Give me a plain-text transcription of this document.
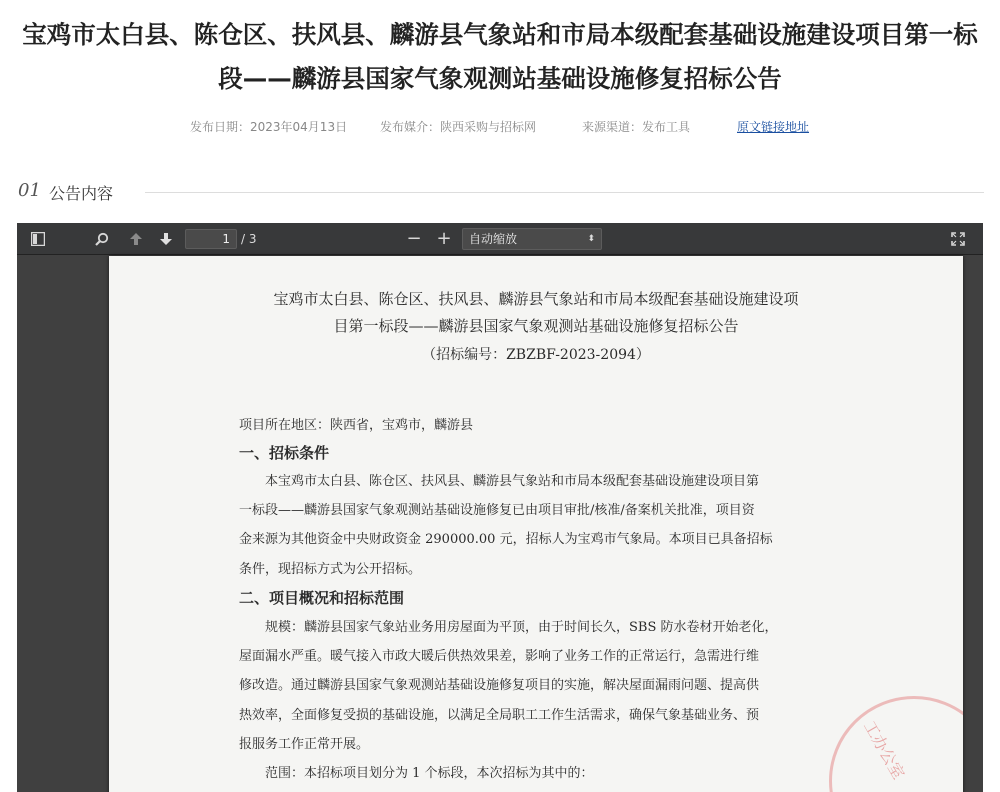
宝鸡市太白县、陈仓区、扶风县、麟游县气象站和市局本级配套基础设施建设项目第一标
段——麟游县国家气象观测站基础设施修复招标公告
发布日期：2023年04月13日	发布媒介：陕西采购与招标网	来源渠道：发布工具	原文链接地址
01 公告内容
1 / 3	− +	自动缩放	⬍
宝鸡市太白县、陈仓区、扶风县、麟游县气象站和市局本级配套基础设施建设项
目第一标段——麟游县国家气象观测站基础设施修复招标公告
（招标编号：ZBZBF-2023-2094）
项目所在地区：陕西省，宝鸡市，麟游县
一、招标条件
本宝鸡市太白县、陈仓区、扶风县、麟游县气象站和市局本级配套基础设施建设项目第
一标段——麟游县国家气象观测站基础设施修复已由项目审批/核准/备案机关批准，项目资
金来源为其他资金中央财政资金 290000.00 元，招标人为宝鸡市气象局。本项目已具备招标
条件，现招标方式为公开招标。
二、项目概况和招标范围
规模：麟游县国家气象站业务用房屋面为平顶，由于时间长久，SBS 防水卷材开始老化，
屋面漏水严重。暖气接入市政大暖后供热效果差，影响了业务工作的正常运行，急需进行维
修改造。通过麟游县国家气象观测站基础设施修复项目的实施，解决屋面漏雨问题、提高供
热效率，全面修复受损的基础设施，以满足全局职工工作生活需求，确保气象基础业务、预
报服务工作正常开展。
范围：本招标项目划分为 1 个标段，本次招标为其中的：	工办公室
